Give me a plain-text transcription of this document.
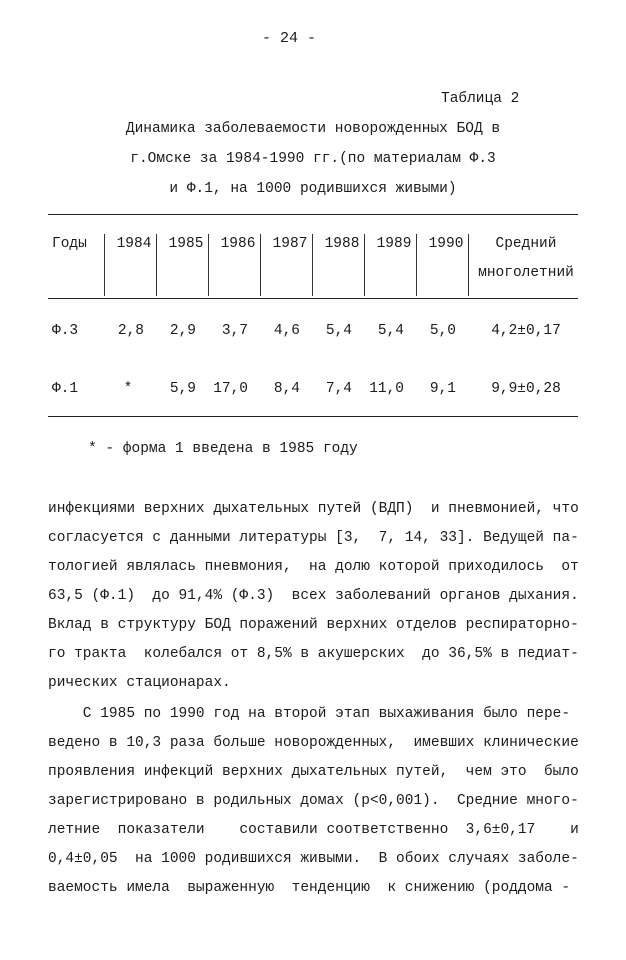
- 24 -
Таблица 2
Динамика заболеваемости новорожденных БОД в
г.Омске за 1984-1990 гг.(по материалам Ф.3
и Ф.1, на 1000 родившихся живыми)
Годы	1984	1985	1986	1987	1988	1989	1990	Средний
многолетний
Ф.3	2,8	2,9	3,7	4,6	5,4	5,4	5,0	4,2±0,17
Ф.1	*	5,9	17,0	8,4	7,4	11,0	9,1	9,9±0,28
* - форма 1 введена в 1985 году
инфекциями верхних дыхательных путей (ВДП)  и пневмонией, что
согласуется с данными литературы [3,  7, 14, 33]. Ведущей па-
тологией являлась пневмония,  на долю которой приходилось  от
63,5 (Ф.1)  до 91,4% (Ф.3)  всех заболеваний органов дыхания.
Вклад в структуру БОД поражений верхних отделов респираторно-
го тракта  колебался от 8,5% в акушерских  до 36,5% в педиат-
рических стационарах.
С 1985 по 1990 год на второй этап выхаживания было пере-
ведено в 10,3 раза больше новорожденных,  имевших клинические
проявления инфекций верхних дыхательных путей,  чем это  было
зарегистрировано в родильных домах (р<0,001).  Средние много-
летние  показатели    составили соответственно  3,6±0,17    и
0,4±0,05  на 1000 родившихся живыми.  В обоих случаях заболе-
ваемость имела  выраженную  тенденцию  к снижению (роддома -
